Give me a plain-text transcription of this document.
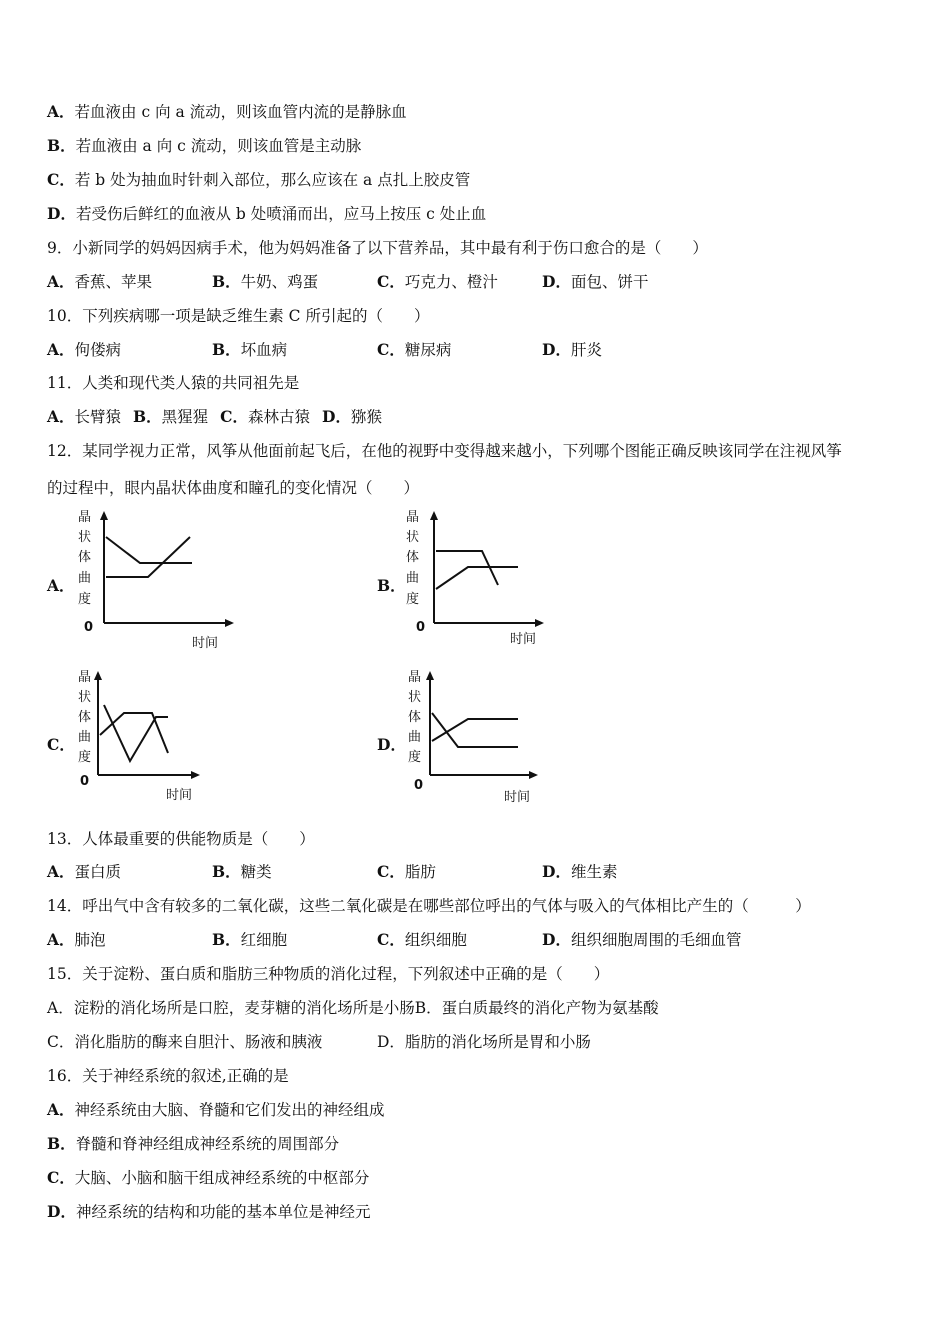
A．若血液由 c 向 a 流动，则该血管内流的是静脉血
B．若血液由 a 向 c 流动，则该血管是主动脉
C．若 b 处为抽血时针刺入部位，那么应该在 a 点扎上胶皮管
D．若受伤后鲜红的血液从 b 处喷涌而出，应马上按压 c 处止血
9．小新同学的妈妈因病手术，他为妈妈准备了以下营养品，其中最有利于伤口愈合的是（　　）
A．香蕉、苹果	B．牛奶、鸡蛋	C．巧克力、橙汁	D．面包、饼干
10．下列疾病哪一项是缺乏维生素 C 所引起的（　　）
A．佝偻病	B．坏血病	C．糖尿病	D．肝炎
11．人类和现代类人猿的共同祖先是
A．长臂猿 B．黑猩猩 C．森林古猿 D．猕猴
12．某同学视力正常，风筝从他面前起飞后，在他的视野中变得越来越小，下列哪个图能正确反映该同学在注视风筝
的过程中，眼内晶状体曲度和瞳孔的变化情况（　　）
A．	B．
C．	D．
晶
状
体
曲
度
0
时间
晶
状
体
曲
度
0
时间
晶
状
体
曲
度
0
时间
晶
状
体
曲
度
0
时间
13．人体最重要的供能物质是（　　）
A．蛋白质	B．糖类	C．脂肪	D．维生素
14．呼出气中含有较多的二氧化碳，这些二氧化碳是在哪些部位呼出的气体与吸入的气体相比产生的（　　　）
A．肺泡	B．红细胞	C．组织细胞	D．组织细胞周围的毛细血管
15．关于淀粉、蛋白质和脂肪三种物质的消化过程，下列叙述中正确的是（　　）
A．淀粉的消化场所是口腔，麦芽糖的消化场所是小肠B．蛋白质最终的消化产物为氨基酸
C．消化脂肪的酶来自胆汁、肠液和胰液	D．脂肪的消化场所是胃和小肠
16．关于神经系统的叙述,正确的是
A．神经系统由大脑、脊髓和它们发出的神经组成
B．脊髓和脊神经组成神经系统的周围部分
C．大脑、小脑和脑干组成神经系统的中枢部分
D．神经系统的结构和功能的基本单位是神经元
